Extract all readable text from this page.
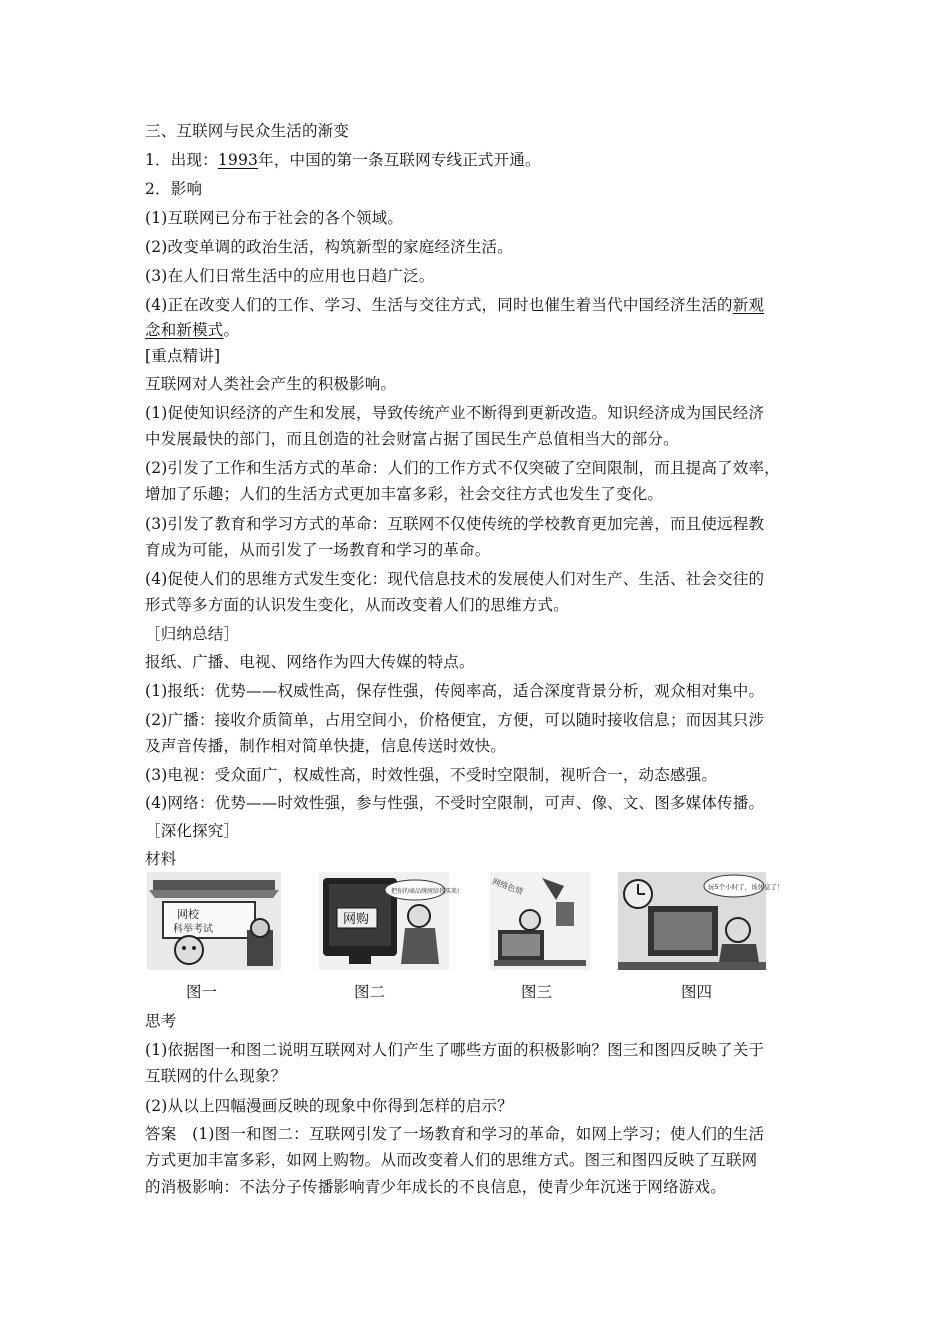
三、互联网与民众生活的渐变
1．出现：1993年，中国的第一条互联网专线正式开通。
2．影响
(1)互联网已分布于社会的各个领域。
(2)改变单调的政治生活，构筑新型的家庭经济生活。
(3)在人们日常生活中的应用也日趋广泛。
(4)正在改变人们的工作、学习、生活与交往方式，同时也催生着当代中国经济生活的新观
念和新模式。
[重点精讲]
互联网对人类社会产生的积极影响。
(1)促使知识经济的产生和发展，导致传统产业不断得到更新改造。知识经济成为国民经济
中发展最快的部门，而且创造的社会财富占据了国民生产总值相当大的部分。
(2)引发了工作和生活方式的革命：人们的工作方式不仅突破了空间限制，而且提高了效率，
增加了乐趣；人们的生活方式更加丰富多彩，社会交往方式也发生了变化。
(3)引发了教育和学习方式的革命：互联网不仅使传统的学校教育更加完善，而且使远程教
育成为可能，从而引发了一场教育和学习的革命。
(4)促使人们的思维方式发生变化：现代信息技术的发展使人们对生产、生活、社会交往的
形式等多方面的认识发生变化，从而改变着人们的思维方式。
［归纳总结］
报纸、广播、电视、网络作为四大传媒的特点。
(1)报纸：优势——权威性高，保存性强，传阅率高，适合深度背景分析，观众相对集中。
(2)广播：接收介质简单，占用空间小，价格便宜，方便，可以随时接收信息；而因其只涉
及声音传播，制作相对简单快捷，信息传送时效快。
(3)电视：受众面广，权威性高，时效性强，不受时空限制，视听合一，动态感强。
(4)网络：优势——时效性强，参与性强，不受时空限制，可声、像、文、图多媒体传播。
［深化探究］
材料
网校
科举考试
网购
把你的商品统统给我买来!	网络色情	玩5个小时了，该休息了！
图一	图二	图三	图四
思考
(1)依据图一和图二说明互联网对人们产生了哪些方面的积极影响？图三和图四反映了关于
互联网的什么现象？
(2)从以上四幅漫画反映的现象中你得到怎样的启示？
答案　(1)图一和图二：互联网引发了一场教育和学习的革命，如网上学习；使人们的生活
方式更加丰富多彩，如网上购物。从而改变着人们的思维方式。图三和图四反映了互联网
的消极影响：不法分子传播影响青少年成长的不良信息，使青少年沉迷于网络游戏。
